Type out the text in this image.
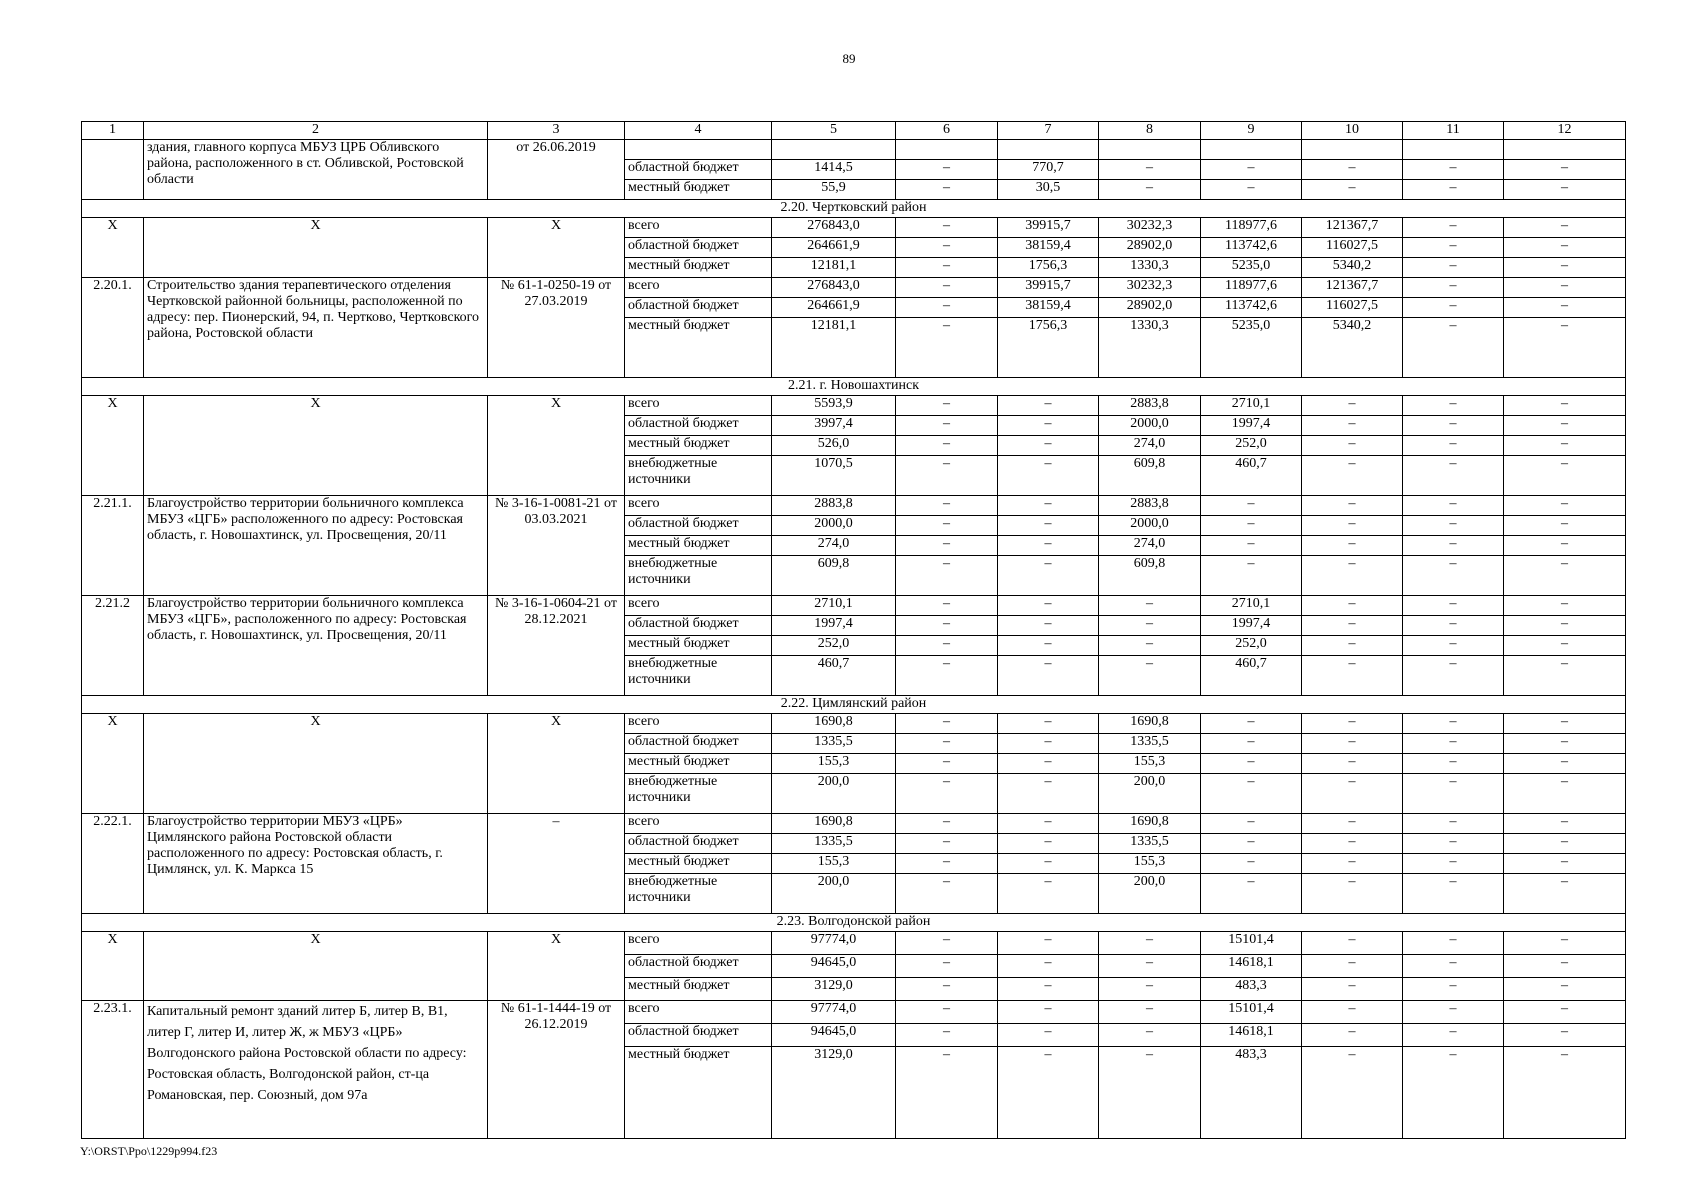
89
1	2	3	4	5	6	7	8	9	10	11	12
	здания, главного корпуса МБУЗ ЦРБ Обливского района, расположенного в ст. Обливской, Ростовской области	от 26.06.2019									
			областной бюджет	1414,5	–	770,7	–	–	–	–	–
			местный бюджет	55,9	–	30,5	–	–	–	–	–
2.20. Чертковский район											
X	X	X	всего	276843,0	–	39915,7	30232,3	118977,6	121367,7	–	–
			областной бюджет	264661,9	–	38159,4	28902,0	113742,6	116027,5	–	–
			местный бюджет	12181,1	–	1756,3	1330,3	5235,0	5340,2	–	–
2.20.1.	Строительство здания терапевтического отделения Чертковской районной больницы, расположенной по адресу: пер. Пионерский, 94, п. Чертково, Чертковского района, Ростовской области	№ 61-1-0250-19 от 27.03.2019	всего	276843,0	–	39915,7	30232,3	118977,6	121367,7	–	–
			областной бюджет	264661,9	–	38159,4	28902,0	113742,6	116027,5	–	–
			местный бюджет	12181,1	–	1756,3	1330,3	5235,0	5340,2	–	–
2.21. г. Новошахтинск											
X	X	X	всего	5593,9	–	–	2883,8	2710,1	–	–	–
			областной бюджет	3997,4	–	–	2000,0	1997,4	–	–	–
			местный бюджет	526,0	–	–	274,0	252,0	–	–	–
			внебюджетные источники	1070,5	–	–	609,8	460,7	–	–	–
2.21.1.	Благоустройство территории больничного комплекса МБУЗ «ЦГБ» расположенного по адресу: Ростовская область, г. Новошахтинск, ул. Просвещения, 20/11	№ 3-16-1-0081-21 от 03.03.2021	всего	2883,8	–	–	2883,8	–	–	–	–
			областной бюджет	2000,0	–	–	2000,0	–	–	–	–
			местный бюджет	274,0	–	–	274,0	–	–	–	–
			внебюджетные источники	609,8	–	–	609,8	–	–	–	–
2.21.2	Благоустройство территории больничного комплекса МБУЗ «ЦГБ», расположенного по адресу: Ростовская область, г. Новошахтинск, ул. Просвещения, 20/11	№ 3-16-1-0604-21 от 28.12.2021	всего	2710,1	–	–	–	2710,1	–	–	–
			областной бюджет	1997,4	–	–	–	1997,4	–	–	–
			местный бюджет	252,0	–	–	–	252,0	–	–	–
			внебюджетные источники	460,7	–	–	–	460,7	–	–	–
2.22. Цимлянский район											
X	X	X	всего	1690,8	–	–	1690,8	–	–	–	–
			областной бюджет	1335,5	–	–	1335,5	–	–	–	–
			местный бюджет	155,3	–	–	155,3	–	–	–	–
			внебюджетные источники	200,0	–	–	200,0	–	–	–	–
2.22.1.	Благоустройство территории МБУЗ «ЦРБ» Цимлянского района Ростовской области расположенного по адресу: Ростовская область, г. Цимлянск, ул. К. Маркса 15	–	всего	1690,8	–	–	1690,8	–	–	–	–
			областной бюджет	1335,5	–	–	1335,5	–	–	–	–
			местный бюджет	155,3	–	–	155,3	–	–	–	–
			внебюджетные источники	200,0	–	–	200,0	–	–	–	–
2.23. Волгодонской район											
X	X	X	всего	97774,0	–	–	–	15101,4	–	–	–
			областной бюджет	94645,0	–	–	–	14618,1	–	–	–
			местный бюджет	3129,0	–	–	–	483,3	–	–	–
2.23.1.	Капитальный ремонт зданий литер Б, литер В, В1, литер Г, литер И, литер Ж, ж МБУЗ «ЦРБ» Волгодонского района Ростовской области по адресу: Ростовская область, Волгодонской район, ст-ца Романовская, пер. Союзный, дом 97а	№ 61-1-1444-19 от 26.12.2019	всего	97774,0	–	–	–	15101,4	–	–	–
			областной бюджет	94645,0	–	–	–	14618,1	–	–	–
			местный бюджет	3129,0	–	–	–	483,3	–	–	–
Y:\ORST\Ppo\1229p994.f23
